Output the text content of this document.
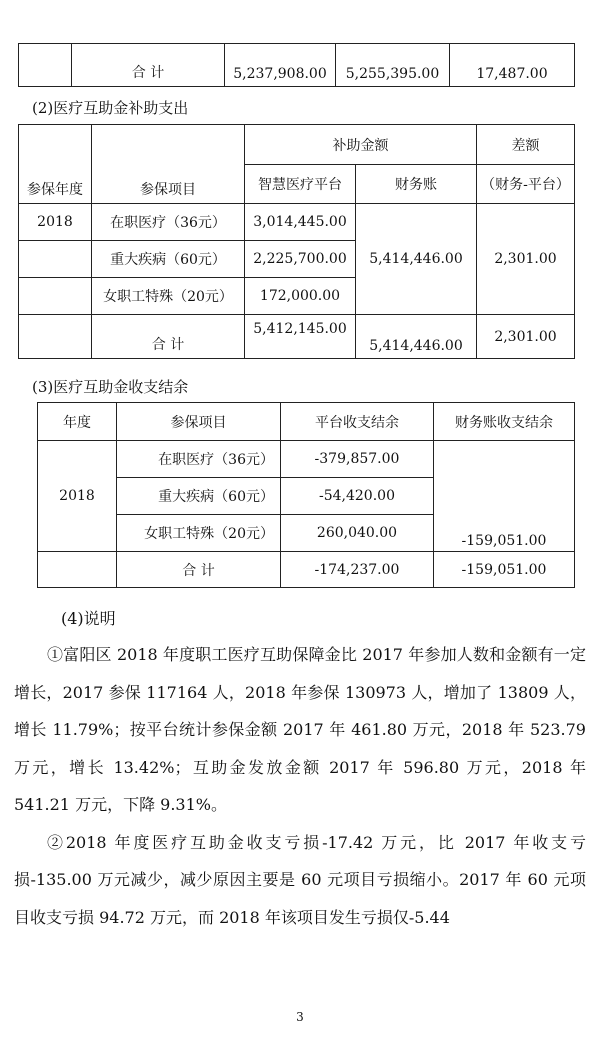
	合 计	5,237,908.00	5,255,395.00	17,487.00
(2)医疗互助金补助支出
参保年度	参保项目	补助金额		差额
		智慧医疗平台	财务账	（财务-平台）
2018	在职医疗（36元）	3,014,445.00	5,414,446.00	2,301.00
	重大疾病（60元）	2,225,700.00		
	女职工特殊（20元）	172,000.00		
	合 计	5,412,145.00	5,414,446.00	2,301.00
(3)医疗互助金收支结余
年度	参保项目	平台收支结余	财务账收支结余
2018	在职医疗（36元）	-379,857.00	-159,051.00
	重大疾病（60元）	-54,420.00	
	女职工特殊（20元）	260,040.00	
	合 计	-174,237.00	-159,051.00
(4)说明

①富阳区 2018 年度职工医疗互助保障金比 2017 年参加人数和金额有一定增长，2017 参保 117164 人，2018 年参保 130973 人，增加了 13809 人，增长 11.79%；按平台统计参保金额 2017 年 461.80 万元，2018 年 523.79 万元，增长 13.42%；互助金发放金额 2017 年 596.80 万元，2018 年 541.21 万元，下降 9.31%。

②2018 年度医疗互助金收支亏损-17.42 万元，比 2017 年收支亏损-135.00 万元减少，减少原因主要是 60 元项目亏损缩小。2017 年 60 元项目收支亏损 94.72 万元，而 2018 年该项目发生亏损仅-5.44

3
